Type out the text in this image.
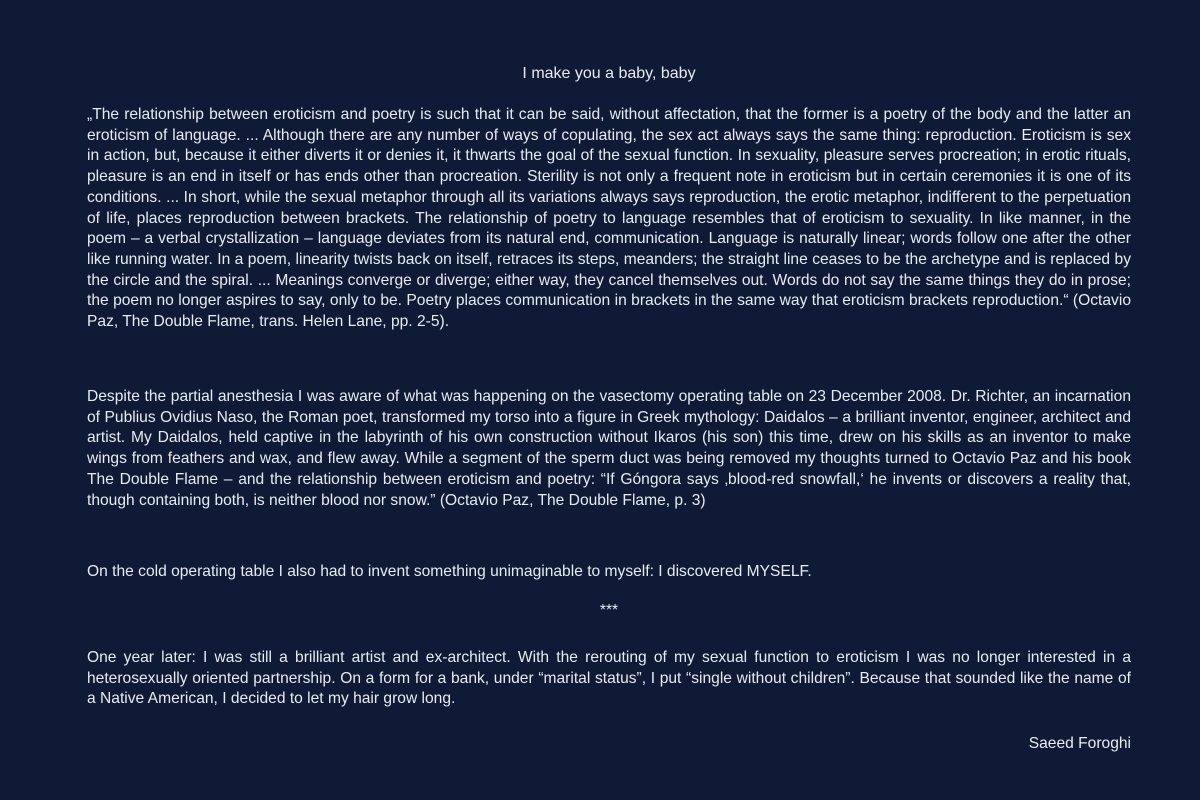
I make you a baby, baby

„The relationship between eroticism and poetry is such that it can be said, without affectation, that the former is a poetry of the body and the latter an eroticism of language. ... Although there are any number of ways of copulating, the sex act always says the same thing: reproduction. Eroticism is sex in action, but, because it either diverts it or denies it, it thwarts the goal of the sexual function. In sexuality, pleasure serves procreation; in erotic rituals, pleasure is an end in itself or has ends other than procreation. Sterility is not only a frequent note in eroticism but in certain ceremonies it is one of its conditions. ... In short, while the sexual metaphor through all its variations always says reproduction, the erotic metaphor, indifferent to the perpetuation of life, places reproduction between brackets. The relationship of poetry to language resembles that of eroticism to sexuality. In like manner, in the poem – a verbal crystallization – language deviates from its natural end, communication. Language is naturally linear; words follow one after the other like running water. In a poem, linearity twists back on itself, retraces its steps, meanders; the straight line ceases to be the archetype and is replaced by the circle and the spiral. ... Meanings converge or diverge; either way, they cancel themselves out. Words do not say the same things they do in prose; the poem no longer aspires to say, only to be. Poetry places communication in brackets in the same way that eroticism brackets reproduction.“ (Octavio Paz, The Double Flame, trans. Helen Lane, pp. 2-5).

Despite the partial anesthesia I was aware of what was happening on the vasectomy operating table on 23 December 2008. Dr. Richter, an incarnation of Publius Ovidius Naso, the Roman poet, transformed my torso into a figure in Greek mythology: Daidalos – a brilliant inventor, engineer, architect and artist. My Daidalos, held captive in the labyrinth of his own construction without Ikaros (his son) this time, drew on his skills as an inventor to make wings from feathers and wax, and flew away. While a segment of the sperm duct was being removed my thoughts turned to Octavio Paz and his book The Double Flame – and the relationship between eroticism and poetry: “If Góngora says ‚blood-red snowfall,‘ he invents or discovers a reality that, though containing both, is neither blood nor snow.” (Octavio Paz, The Double Flame, p. 3)

On the cold operating table I also had to invent something unimaginable to myself: I discovered MYSELF.

***

One year later: I was still a brilliant artist and ex-architect. With the rerouting of my sexual function to eroticism I was no longer interested in a heterosexually oriented partnership. On a form for a bank, under “marital status”, I put “single without children”. Because that sounded like the name of a Native American, I decided to let my hair grow long.

Saeed Foroghi
